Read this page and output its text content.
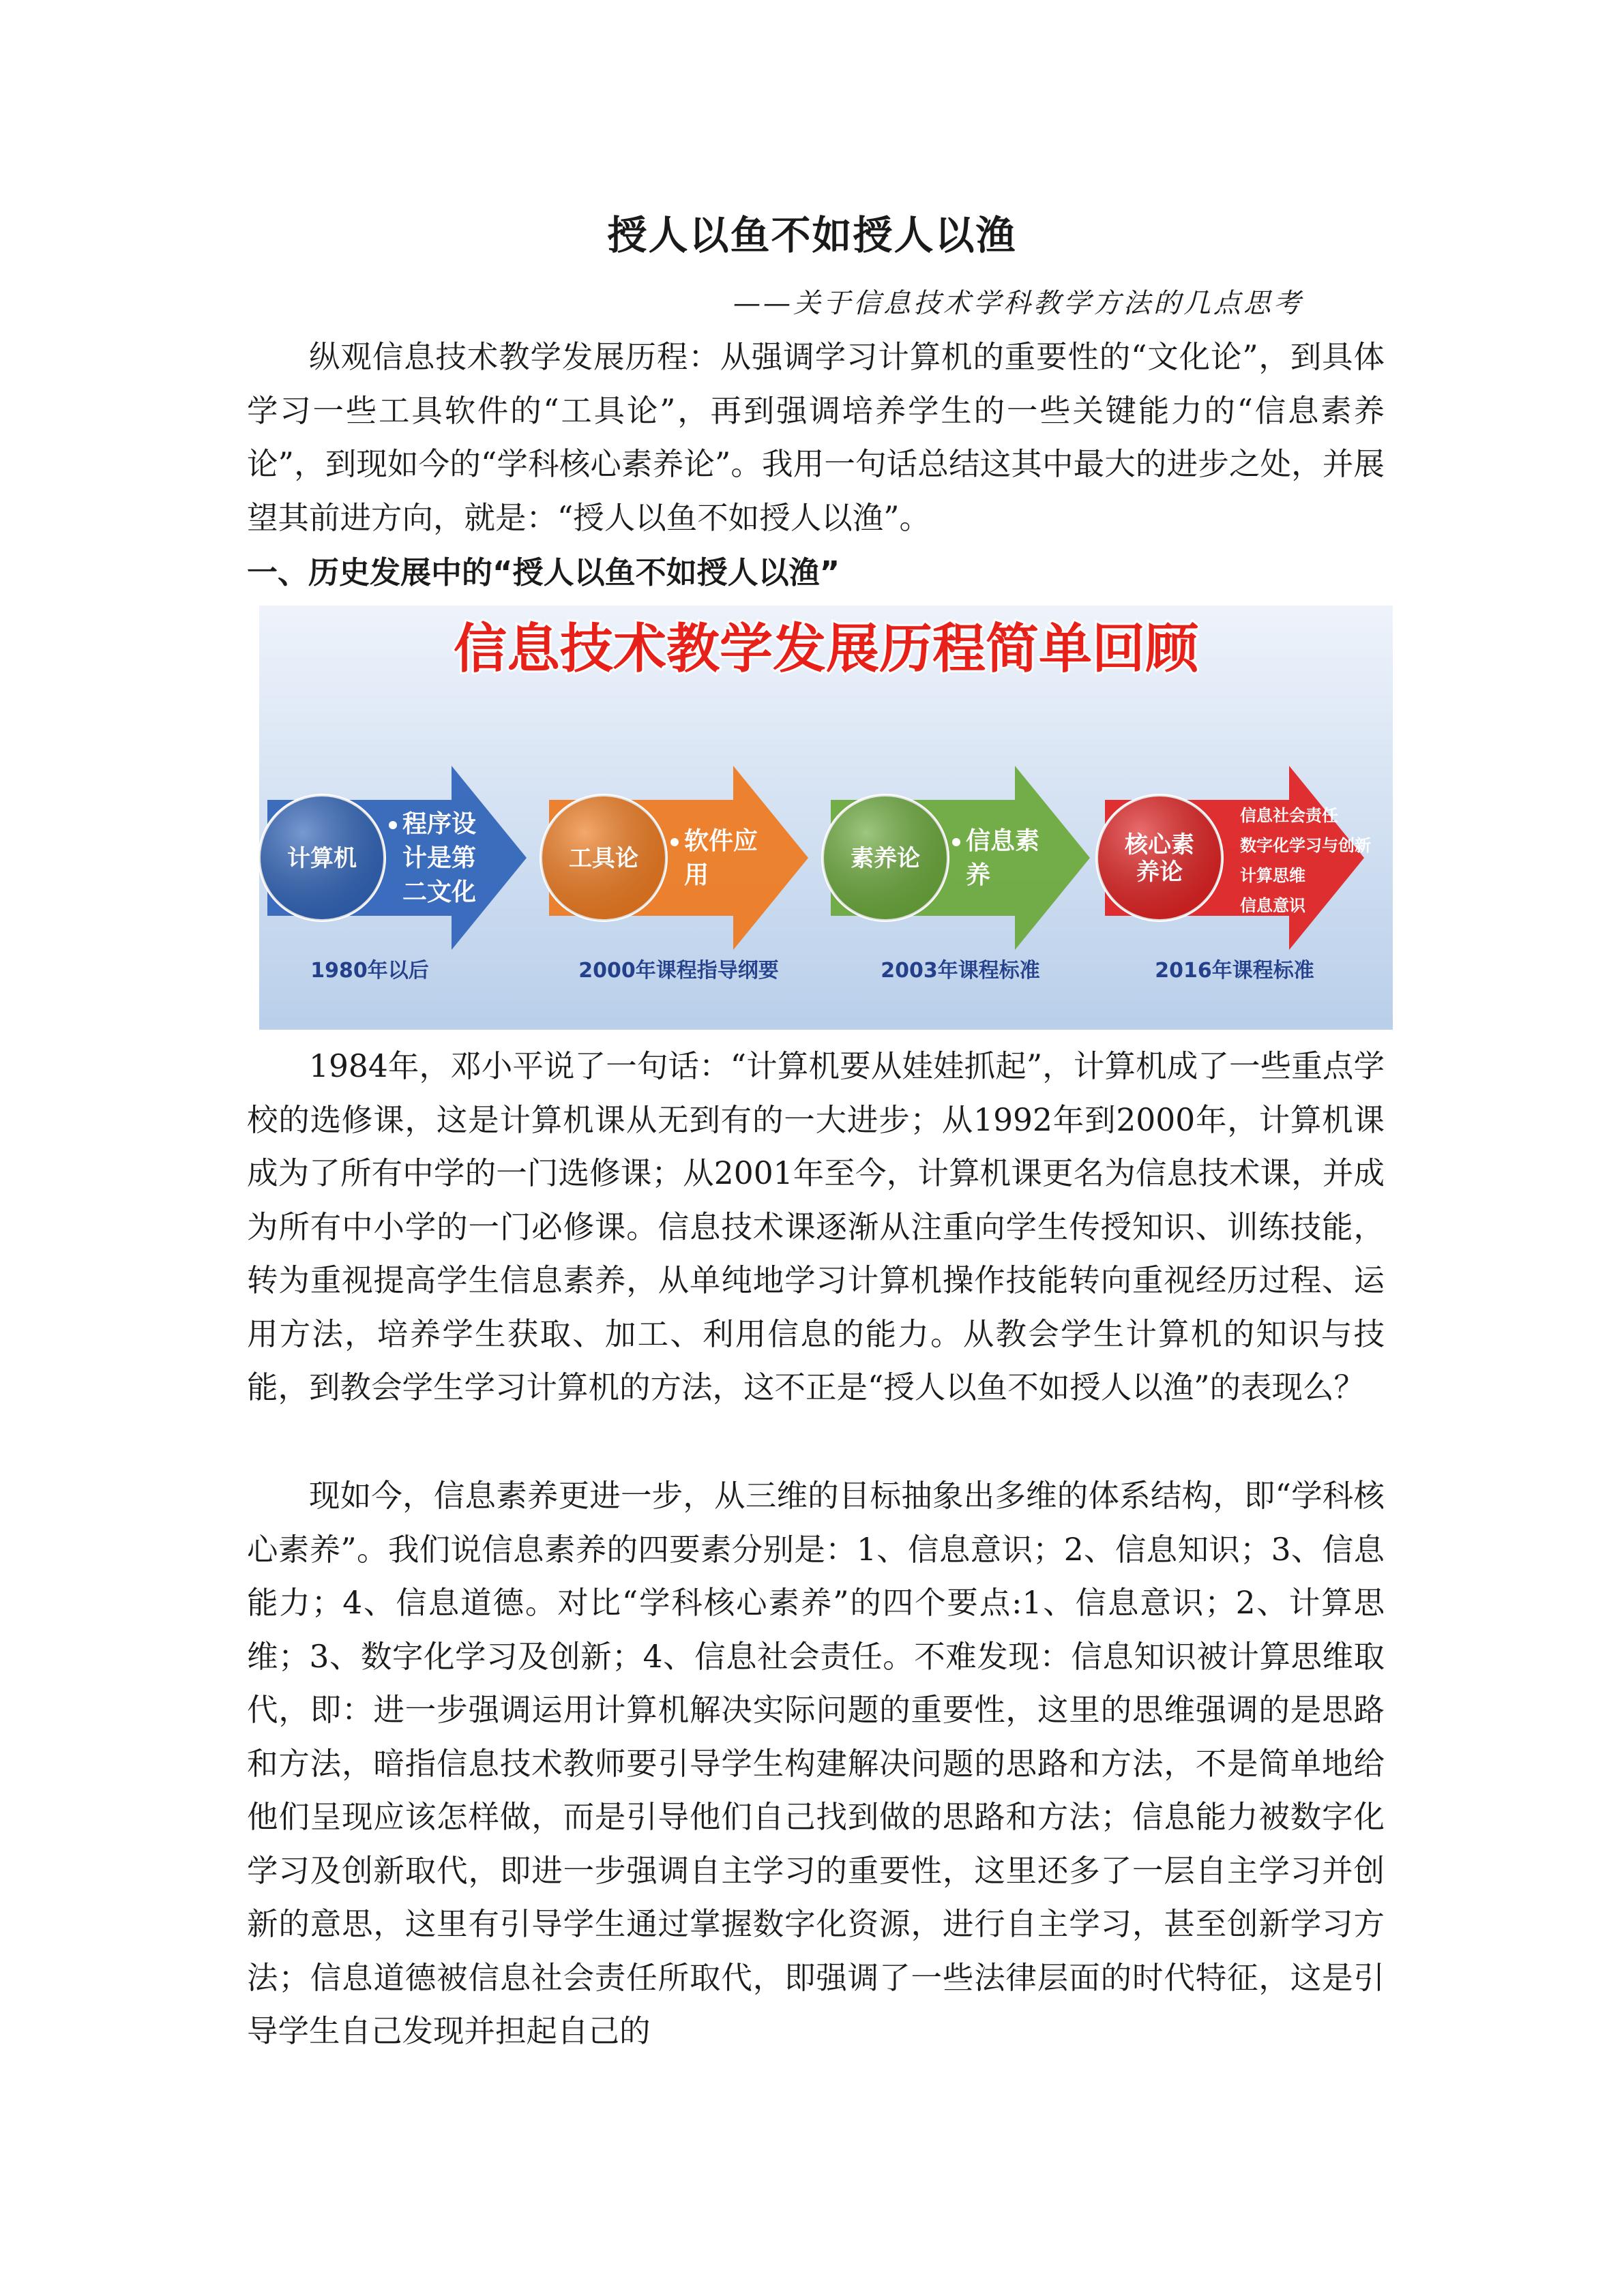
授人以鱼不如授人以渔
——关于信息技术学科教学方法的几点思考

纵观信息技术教学发展历程：从强调学习计算机的重要性的“文化论”，到具体学习一些工具软件的“工具论”，再到强调培养学生的一些关键能力的“信息素养论”，到现如今的“学科核心素养论”。我用一句话总结这其中最大的进步之处，并展望其前进方向，就是：“授人以鱼不如授人以渔”。

一、历史发展中的“授人以鱼不如授人以渔”
信息技术教学发展历程简单回顾
计算机
程序设
计是第
二文化
1980年以后
工具论
软件应
用
2000年课程指导纲要
素养论
信息素
养
2003年课程标准
核心素
养论
信息社会责任
数字化学习与创新
计算思维
信息意识
2016年课程标准

1984年，邓小平说了一句话：“计算机要从娃娃抓起”，计算机成了一些重点学校的选修课，这是计算机课从无到有的一大进步；从1992年到2000年，计算机课成为了所有中学的一门选修课；从2001年至今，计算机课更名为信息技术课，并成为所有中小学的一门必修课。信息技术课逐渐从注重向学生传授知识、训练技能，转为重视提高学生信息素养，从单纯地学习计算机操作技能转向重视经历过程、运用方法，培养学生获取、加工、利用信息的能力。从教会学生计算机的知识与技能，到教会学生学习计算机的方法，这不正是“授人以鱼不如授人以渔”的表现么？

现如今，信息素养更进一步，从三维的目标抽象出多维的体系结构，即“学科核心素养”。我们说信息素养的四要素分别是：1、信息意识；2、信息知识；3、信息能力；4、信息道德。对比“学科核心素养”的四个要点:1、信息意识；2、计算思维；3、数字化学习及创新；4、信息社会责任。不难发现：信息知识被计算思维取代，即：进一步强调运用计算机解决实际问题的重要性，这里的思维强调的是思路和方法，暗指信息技术教师要引导学生构建解决问题的思路和方法，不是简单地给他们呈现应该怎样做，而是引导他们自己找到做的思路和方法；信息能力被数字化学习及创新取代，即进一步强调自主学习的重要性，这里还多了一层自主学习并创新的意思，这里有引导学生通过掌握数字化资源，进行自主学习，甚至创新学习方法；信息道德被信息社会责任所取代，即强调了一些法律层面的时代特征，这是引导学生自己发现并担起自己的
